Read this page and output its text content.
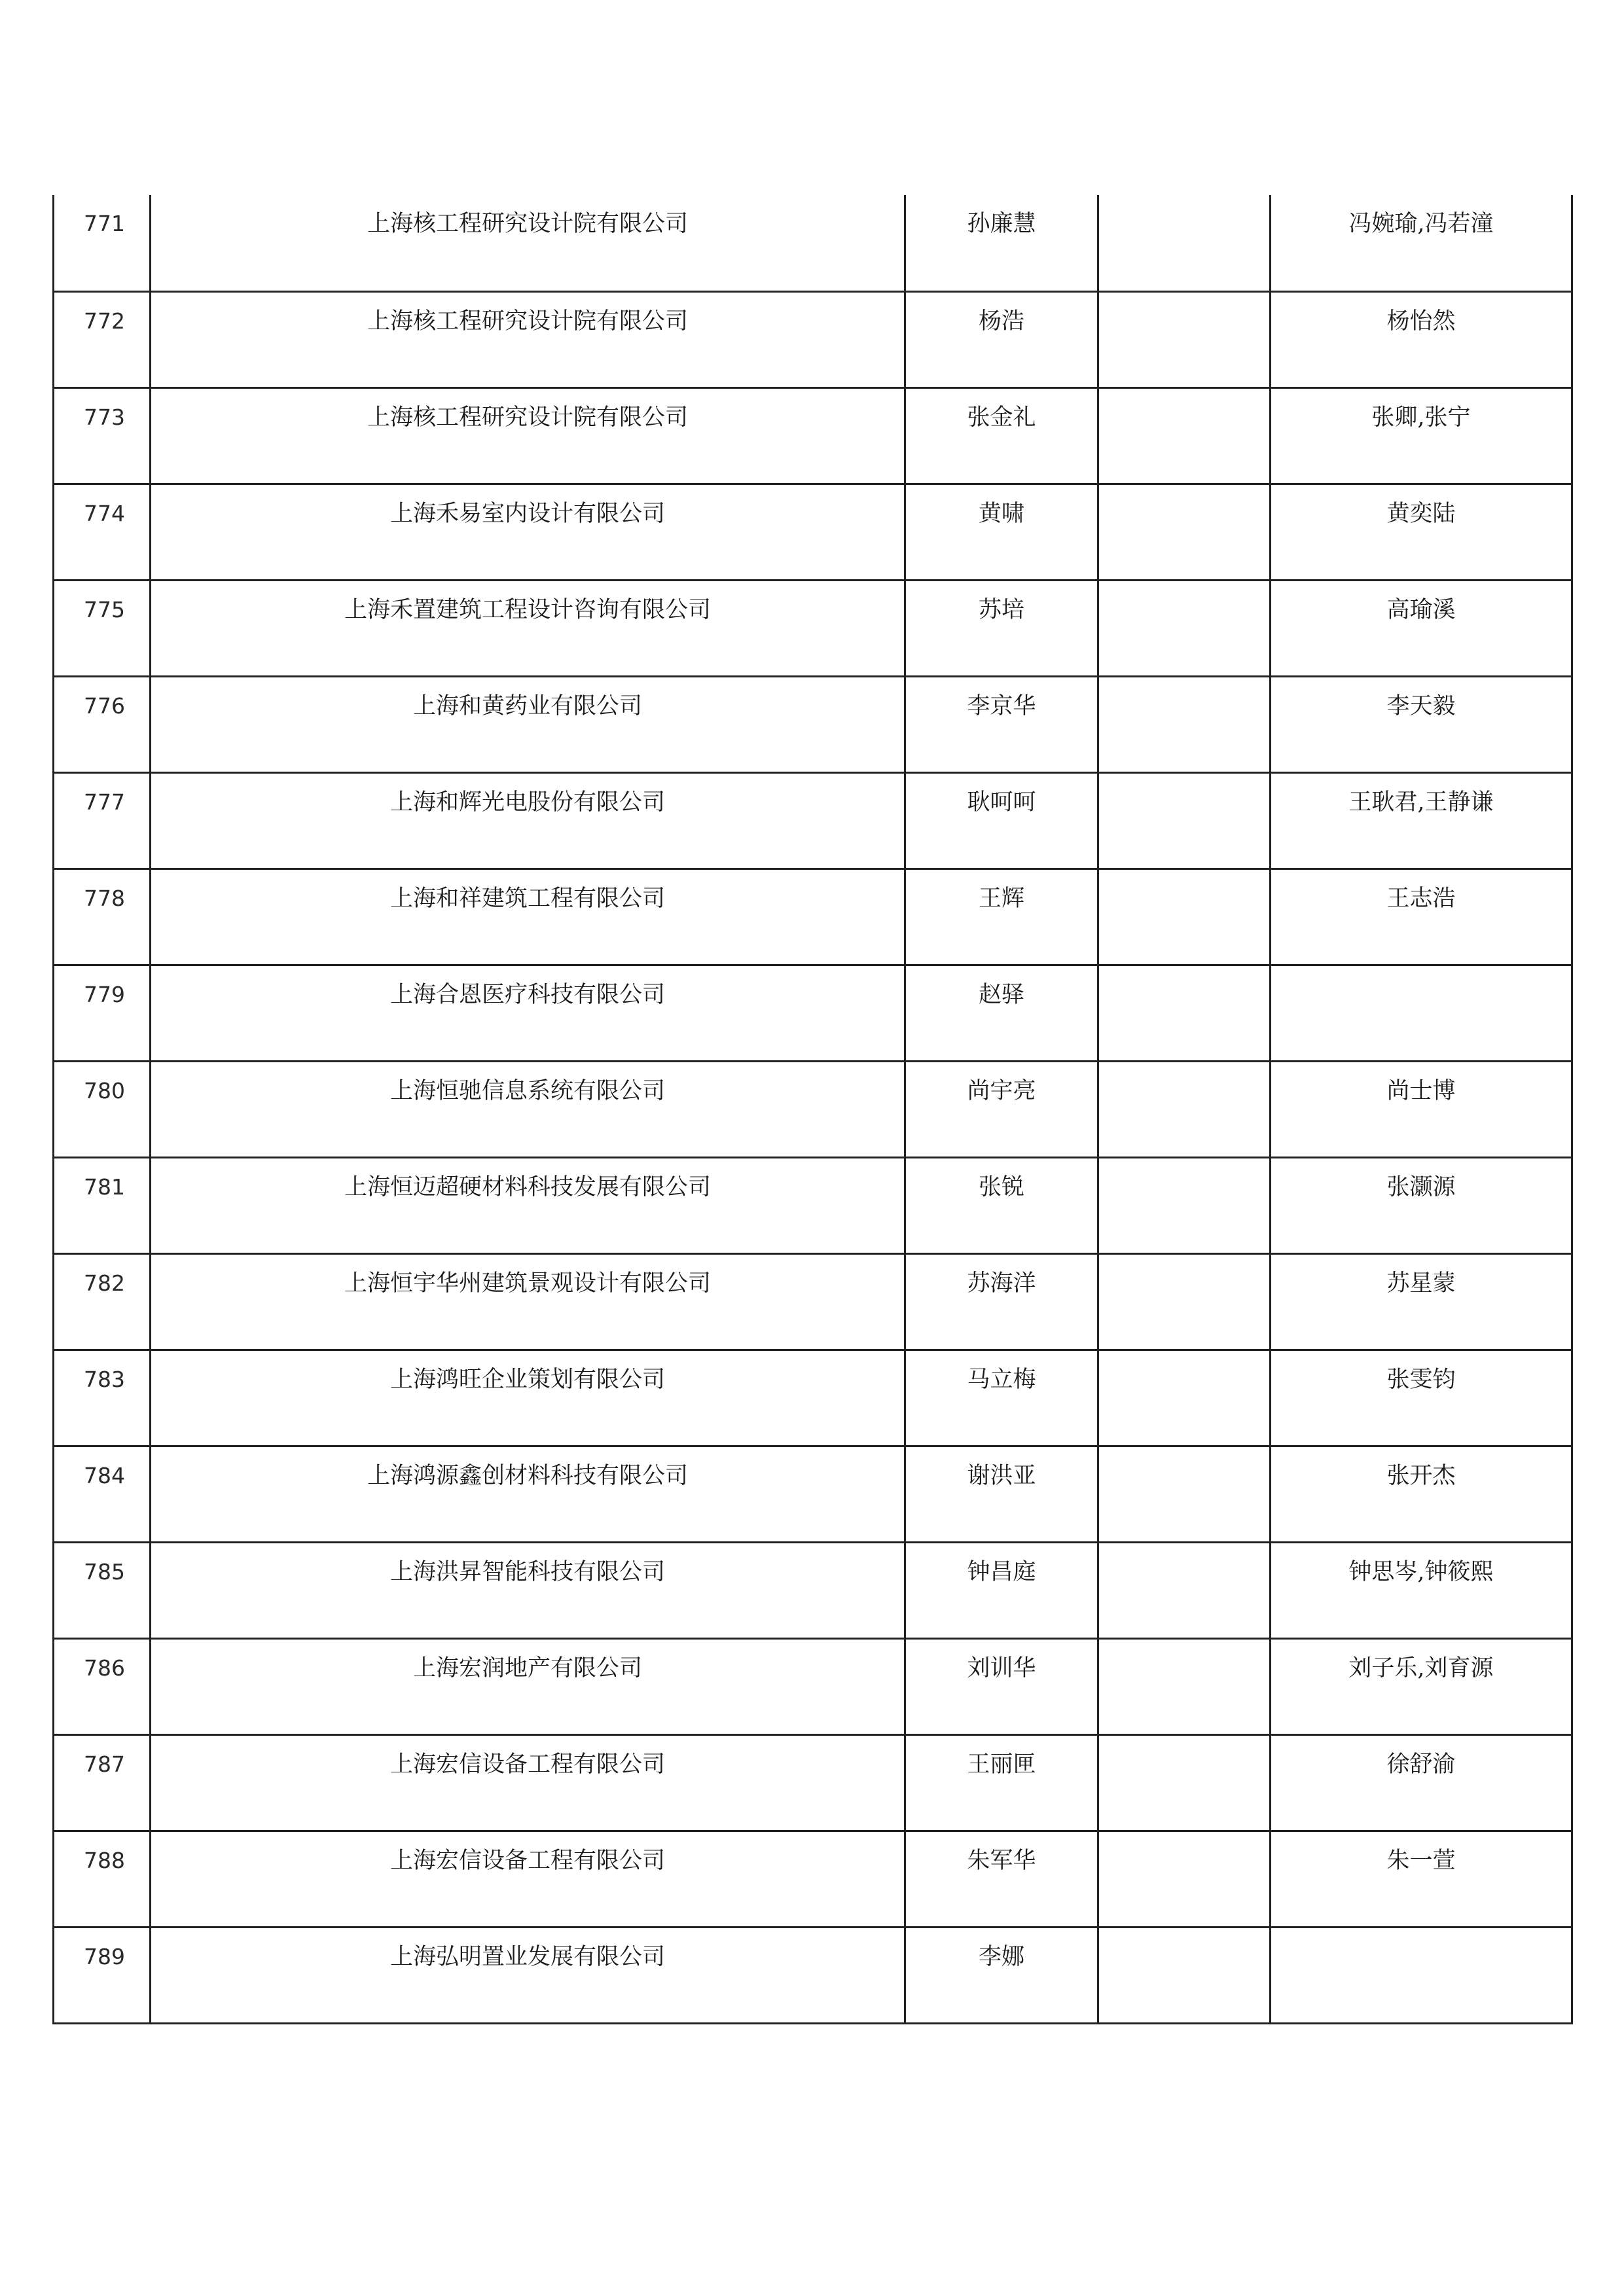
771	上海核工程研究设计院有限公司	孙廉慧		冯婉瑜,冯若潼
772	上海核工程研究设计院有限公司	杨浩		杨怡然
773	上海核工程研究设计院有限公司	张金礼		张卿,张宁
774	上海禾易室内设计有限公司	黄啸		黄奕陆
775	上海禾置建筑工程设计咨询有限公司	苏培		高瑜溪
776	上海和黄药业有限公司	李京华		李天毅
777	上海和辉光电股份有限公司	耿呵呵		王耿君,王静谦
778	上海和祥建筑工程有限公司	王辉		王志浩
779	上海合恩医疗科技有限公司	赵驿		
780	上海恒驰信息系统有限公司	尚宇亮		尚士博
781	上海恒迈超硬材料科技发展有限公司	张锐		张灏源
782	上海恒宇华州建筑景观设计有限公司	苏海洋		苏星蒙
783	上海鸿旺企业策划有限公司	马立梅		张雯钧
784	上海鸿源鑫创材料科技有限公司	谢洪亚		张开杰
785	上海洪昇智能科技有限公司	钟昌庭		钟思岑,钟筱熙
786	上海宏润地产有限公司	刘训华		刘子乐,刘育源
787	上海宏信设备工程有限公司	王丽匣		徐舒渝
788	上海宏信设备工程有限公司	朱军华		朱一萱
789	上海弘明置业发展有限公司	李娜		
